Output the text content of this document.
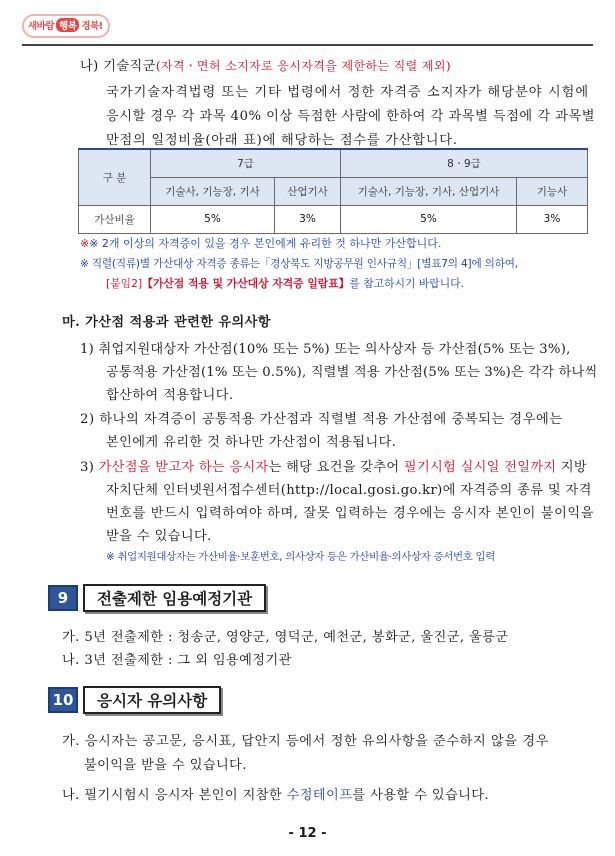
새바람 행복 경북!
나) 기술직군(자격ㆍ면허 소지자로 응시자격을 제한하는 직렬 제외)
국가기술자격법령 또는 기타 법령에서 정한 자격증 소지자가 해당분야 시험에
응시할 경우 각 과목 40% 이상 득점한 사람에 한하여 각 과목별 득점에 각 과목별
만점의 일정비율(아래 표)에 해당하는 점수를 가산합니다.
구 분	7급		8ㆍ9급	
	기술사, 기능장, 기사	산업기사	기술사, 기능장, 기사, 산업기사	기능사
가산비율	5%	3%	5%	3%
※※ 2개 이상의 자격증이 있을 경우 본인에게 유리한 것 하나만 가산합니다.
※ 직렬(직류)별 가산대상 자격증 종류는「경상북도 지방공무원 인사규칙」[별표7의 4]에 의하여,
[붙임2]【가산점 적용 및 가산대상 자격증 일람표】를 참고하시기 바랍니다.
마. 가산점 적용과 관련한 유의사항
1) 취업지원대상자 가산점(10% 또는 5%) 또는 의사상자 등 가산점(5% 또는 3%),
공통적용 가산점(1% 또는 0.5%), 직렬별 적용 가산점(5% 또는 3%)은 각각 하나씩
합산하여 적용합니다.
2) 하나의 자격증이 공통적용 가산점과 직렬별 적용 가산점에 중복되는 경우에는
본인에게 유리한 것 하나만 가산점이 적용됩니다.
3) 가산점을 받고자 하는 응시자는 해당 요건을 갖추어 필기시험 실시일 전일까지 지방
자치단체 인터넷원서접수센터(http://local.gosi.go.kr)에 자격증의 종류 및 자격
번호를 반드시 입력하여야 하며, 잘못 입력하는 경우에는 응시자 본인이 불이익을
받을 수 있습니다.
※ 취업지원대상자는 가산비율·보훈번호, 의사상자 등은 가산비율·의사상자 증서번호 입력
9	전출제한 임용예정기관
가. 5년 전출제한 : 청송군, 영양군, 영덕군, 예천군, 봉화군, 울진군, 울릉군
나. 3년 전출제한 : 그 외 임용예정기관
10	응시자 유의사항
가. 응시자는 공고문, 응시표, 답안지 등에서 정한 유의사항을 준수하지 않을 경우
불이익을 받을 수 있습니다.
나. 필기시험시 응시자 본인이 지참한 수정테이프를 사용할 수 있습니다.
- 12 -
